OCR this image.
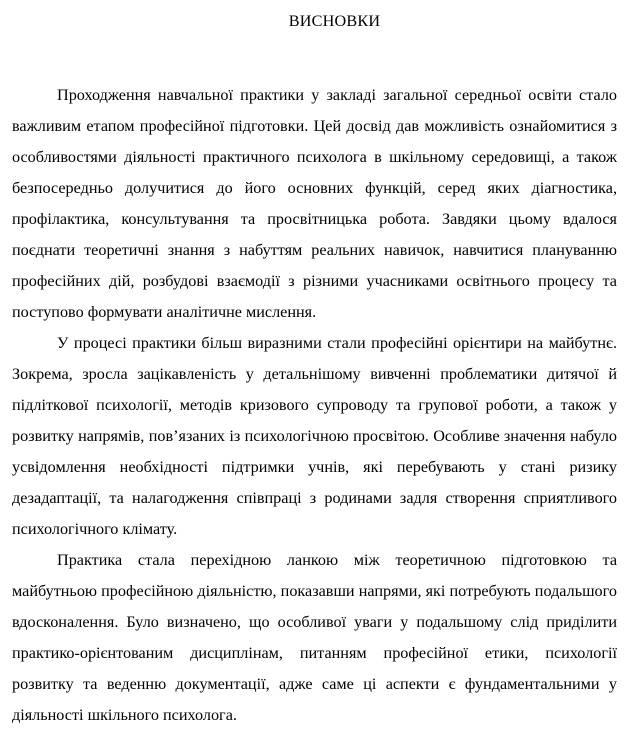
ВИСНОВКИ

Проходження навчальної практики у закладі загальної середньої освіти стало важливим етапом професійної підготовки. Цей досвід дав можливість ознайомитися з особливостями діяльності практичного психолога в шкільному середовищі, а також безпосередньо долучитися до його основних функцій, серед яких діагностика, профілактика, консультування та просвітницька робота. Завдяки цьому вдалося поєднати теоретичні знання з набуттям реальних навичок, навчитися плануванню професійних дій, розбудові взаємодії з різними учасниками освітнього процесу та поступово формувати аналітичне мислення.

У процесі практики більш виразними стали професійні орієнтири на майбутнє. Зокрема, зросла зацікавленість у детальнішому вивченні проблематики дитячої й підліткової психології, методів кризового супроводу та групової роботи, а також у розвитку напрямів, пов’язаних із психологічною просвітою. Особливе значення набуло усвідомлення необхідності підтримки учнів, які перебувають у стані ризику дезадаптації, та налагодження співпраці з родинами задля створення сприятливого психологічного клімату.

Практика стала перехідною ланкою між теоретичною підготовкою та майбутньою професійною діяльністю, показавши напрями, які потребують подальшого вдосконалення. Було визначено, що особливої уваги у подальшому слід приділити практико-орієнтованим дисциплінам, питанням професійної етики, психології розвитку та веденню документації, адже саме ці аспекти є фундаментальними у діяльності шкільного психолога.
